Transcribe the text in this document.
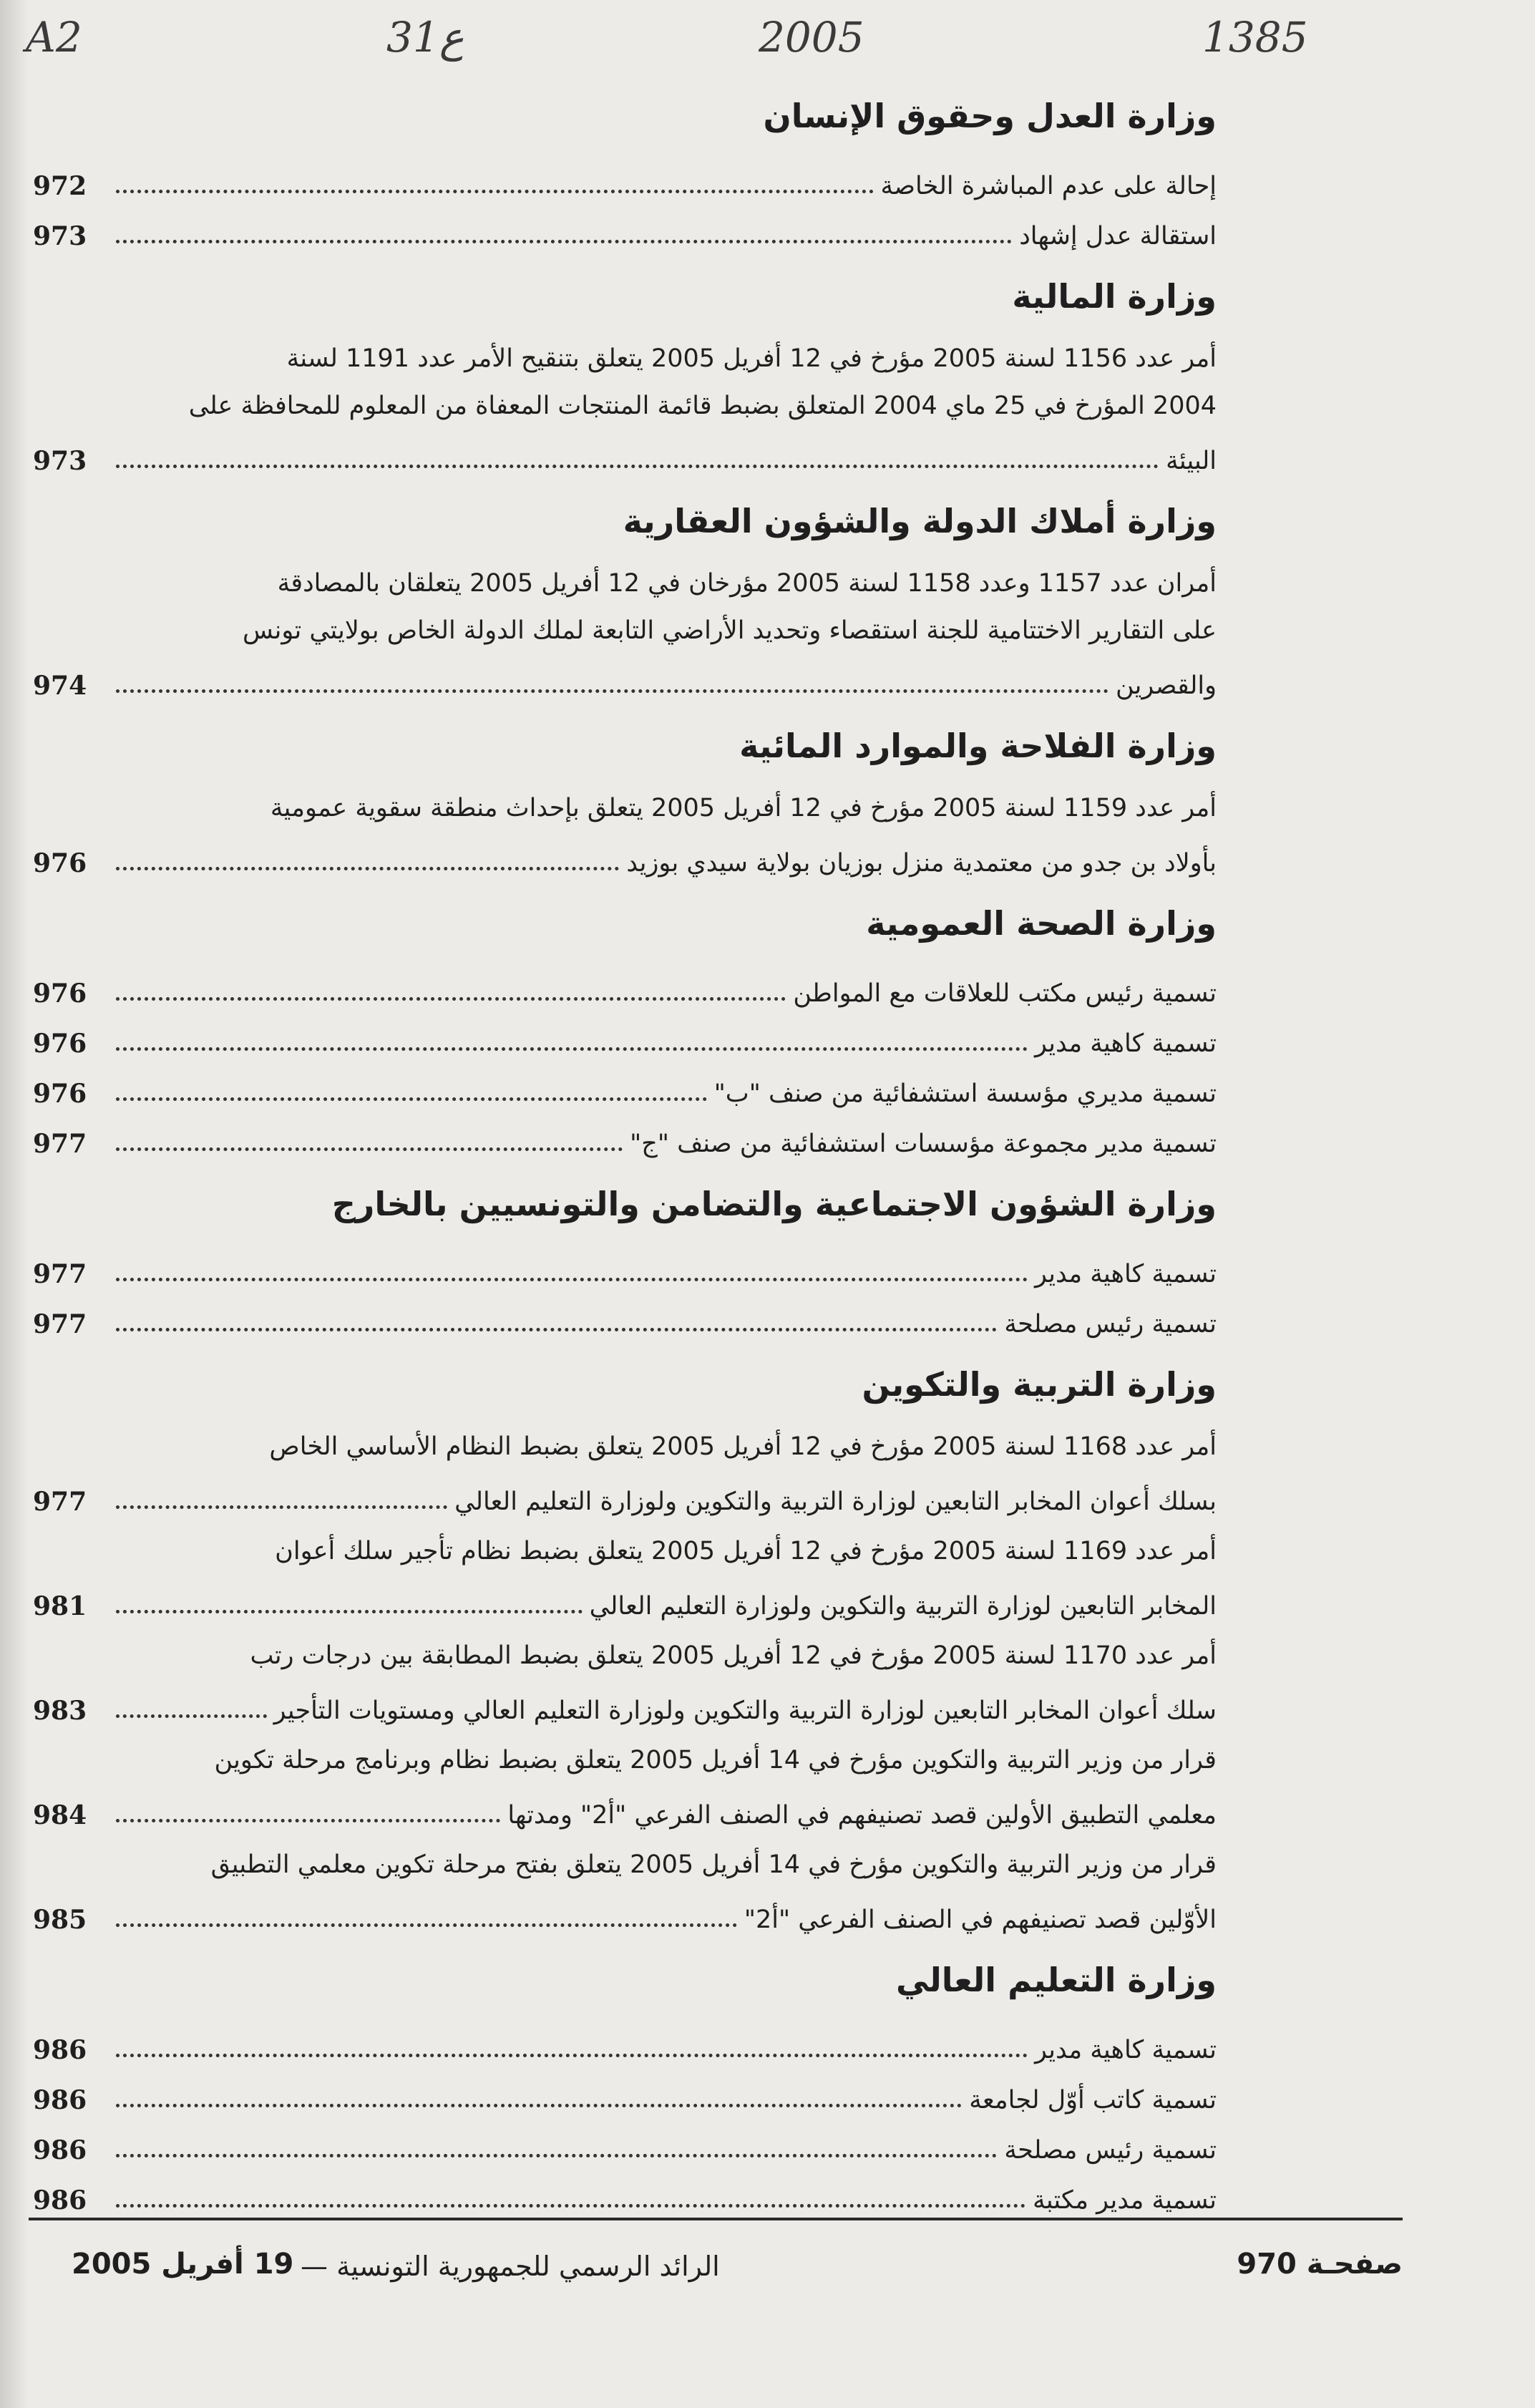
A2	31ع	2005	1385
وزارة العدل وحقوق الإنسان
972	إحالة على عدم المباشرة الخاصة
973	استقالة عدل إشهاد
وزارة المالية
أمر عدد 1156 لسنة 2005 مؤرخ في 12 أفريل 2005 يتعلق بتنقيح الأمر عدد 1191 لسنة
2004 المؤرخ في 25 ماي 2004 المتعلق بضبط قائمة المنتجات المعفاة من المعلوم للمحافظة على
973	البيئة
وزارة أملاك الدولة والشؤون العقارية
أمران عدد 1157 وعدد 1158 لسنة 2005 مؤرخان في 12 أفريل 2005 يتعلقان بالمصادقة
على التقارير الاختتامية للجنة استقصاء وتحديد الأراضي التابعة لملك الدولة الخاص بولايتي تونس
974	والقصرين
وزارة الفلاحة والموارد المائية
أمر عدد 1159 لسنة 2005 مؤرخ في 12 أفريل 2005 يتعلق بإحداث منطقة سقوية عمومية
976	بأولاد بن جدو من معتمدية منزل بوزيان بولاية سيدي بوزيد
وزارة الصحة العمومية
976	تسمية رئيس مكتب للعلاقات مع المواطن
976	تسمية كاهية مدير
976	تسمية مديري مؤسسة استشفائية من صنف "ب"
977	تسمية مدير مجموعة مؤسسات استشفائية من صنف "ج"
وزارة الشؤون الاجتماعية والتضامن والتونسيين بالخارج
977	تسمية كاهية مدير
977	تسمية رئيس مصلحة
وزارة التربية والتكوين
أمر عدد 1168 لسنة 2005 مؤرخ في 12 أفريل 2005 يتعلق بضبط النظام الأساسي الخاص
977	بسلك أعوان المخابر التابعين لوزارة التربية والتكوين ولوزارة التعليم العالي
أمر عدد 1169 لسنة 2005 مؤرخ في 12 أفريل 2005 يتعلق بضبط نظام تأجير سلك أعوان
981	المخابر التابعين لوزارة التربية والتكوين ولوزارة التعليم العالي
أمر عدد 1170 لسنة 2005 مؤرخ في 12 أفريل 2005 يتعلق بضبط المطابقة بين درجات رتب
983	سلك أعوان المخابر التابعين لوزارة التربية والتكوين ولوزارة التعليم العالي ومستويات التأجير
قرار من وزير التربية والتكوين مؤرخ في 14 أفريل 2005 يتعلق بضبط نظام وبرنامج مرحلة تكوين
984	معلمي التطبيق الأولين قصد تصنيفهم في الصنف الفرعي "أ2" ومدتها
قرار من وزير التربية والتكوين مؤرخ في 14 أفريل 2005 يتعلق بفتح مرحلة تكوين معلمي التطبيق
985	الأوّلين قصد تصنيفهم في الصنف الفرعي "أ2"
وزارة التعليم العالي
986	تسمية كاهية مدير
986	تسمية كاتب أوّل لجامعة
986	تسمية رئيس مصلحة
986	تسمية مدير مكتبة
19 أفريل 2005 الرائد الرسمي للجمهورية التونسية —	صفحـة 970
